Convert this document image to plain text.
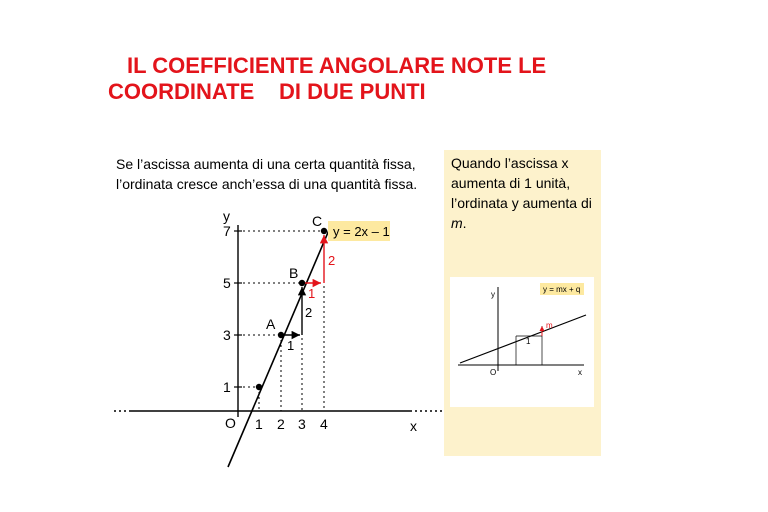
IL COEFFICIENTE ANGOLARE NOTE LE
COORDINATE DI DUE PUNTI
Se l’ascissa aumenta di una certa quantità fissa,
l’ordinata cresce anch’essa di una quantità fissa.
A
B
C
1
2
1
2
y = 2x – 1
y
x
O
1
3
5
7
1 2 3 4
Quando l’ascissa x
aumenta di 1 unità,
l’ordinata y aumenta di
m.
y = mx + q
m
1
y
x
O
